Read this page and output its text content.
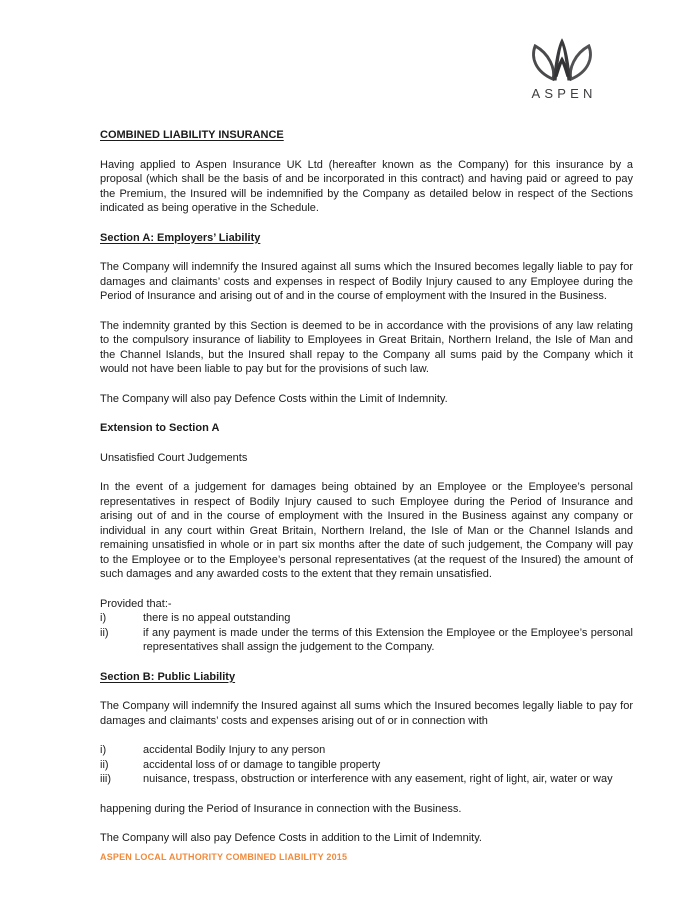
ASPEN
COMBINED LIABILITY INSURANCE

Having applied to Aspen Insurance UK Ltd (hereafter known as the Company) for this insurance by a proposal (which shall be the basis of and be incorporated in this contract) and having paid or agreed to pay the Premium, the Insured will be indemnified by the Company as detailed below in respect of the Sections indicated as being operative in the Schedule.

Section A: Employers’ Liability

The Company will indemnify the Insured against all sums which the Insured becomes legally liable to pay for damages and claimants’ costs and expenses in respect of Bodily Injury caused to any Employee during the Period of Insurance and arising out of and in the course of employment with the Insured in the Business.

The indemnity granted by this Section is deemed to be in accordance with the provisions of any law relating to the compulsory insurance of liability to Employees in Great Britain, Northern Ireland, the Isle of Man and the Channel Islands, but the Insured shall repay to the Company all sums paid by the Company which it would not have been liable to pay but for the provisions of such law.

The Company will also pay Defence Costs within the Limit of Indemnity.

Extension to Section A

Unsatisfied Court Judgements

In the event of a judgement for damages being obtained by an Employee or the Employee’s personal representatives in respect of Bodily Injury caused to such Employee during the Period of Insurance and arising out of and in the course of employment with the Insured in the Business against any company or individual in any court within Great Britain, Northern Ireland, the Isle of Man or the Channel Islands and remaining unsatisfied in whole or in part six months after the date of such judgement, the Company will pay to the Employee or to the Employee’s personal representatives (at the request of the Insured) the amount of such damages and any awarded costs to the extent that they remain unsatisfied.

Provided that:-

i)	there is no appeal outstanding
ii)	if any payment is made under the terms of this Extension the Employee or the Employee’s personal representatives shall assign the judgement to the Company.
Section B: Public Liability

The Company will indemnify the Insured against all sums which the Insured becomes legally liable to pay for damages and claimants’ costs and expenses arising out of or in connection with

i)	accidental Bodily Injury to any person
ii)	accidental loss of or damage to tangible property
iii)	nuisance, trespass, obstruction or interference with any easement, right of light, air, water or way

happening during the Period of Insurance in connection with the Business.

The Company will also pay Defence Costs in addition to the Limit of Indemnity.

ASPEN LOCAL AUTHORITY COMBINED LIABILITY 2015
